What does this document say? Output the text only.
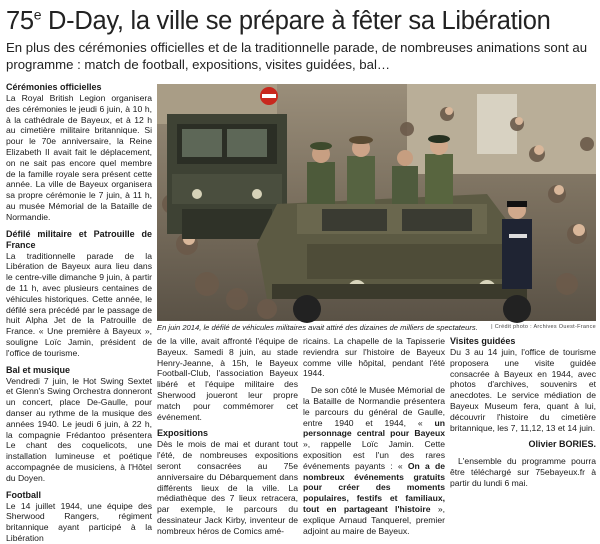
75e D-Day, la ville se prépare à fêter sa Libération
En plus des cérémonies officielles et de la traditionnelle parade, de nombreuses animations sont au programme : match de football, expositions, visites guidées, bal…
Cérémonies officielles

La Royal British Legion organisera des cérémonies le jeudi 6 juin, à 10 h, à la cathédrale de Bayeux, et à 12 h au cimetière militaire britannique. Si pour le 70e anniversaire, la Reine Elizabeth II avait fait le déplacement, on ne sait pas encore quel membre de la famille royale sera présent cette année. La ville de Bayeux organisera sa propre cérémonie le 7 juin, à 11 h, au musée Mémorial de la Bataille de Normandie.

Défilé militaire et Patrouille de France

La traditionnelle parade de la Libération de Bayeux aura lieu dans le centre-ville dimanche 9 juin, à partir de 11 h, avec plusieurs centaines de véhicules historiques. Cette année, le défilé sera précédé par le passage de huit Alpha Jet de la Patrouille de France. « Une première à Bayeux », souligne Loïc Jamin, président de l'office de tourisme.

Bal et musique

Vendredi 7 juin, le Hot Swing Sextet et Glenn's Swing Orchestra donneront un concert, place De-Gaulle, pour danser au rythme de la musique des années 1940. Le jeudi 6 juin, à 22 h, la compagnie Frédantoo présentera Le chant des coquelicots, une installation lumineuse et poétique accompagnée de musiciens, à l'Hôtel du Doyen.

Football

Le 14 juillet 1944, une équipe des Sherwood Rangers, régiment britannique ayant participé à la Libération

En juin 2014, le défilé de véhicules militaires avait attiré des dizaines de milliers de spectateurs. | Crédit photo : Archives Ouest-France

de la ville, avait affronté l'équipe de Bayeux. Samedi 8 juin, au stade Henry-Jeanne, à 15h, le Bayeux Football-Club, l'association Bayeux libéré et l'équipe militaire des Sherwood joueront leur propre match pour commémorer cet événement.

Expositions

Dès le mois de mai et durant tout l'été, de nombreuses expositions seront consacrées au 75e anniversaire du Débarquement dans différents lieux de la ville. La médiathèque des 7 lieux retracera, par exemple, le parcours du dessinateur Jack Kirby, inventeur de nombreux héros de Comics amé-

ricains. La chapelle de la Tapisserie reviendra sur l'histoire de Bayeux comme ville hôpital, pendant l'été 1944.

De son côté le Musée Mémorial de la Bataille de Normandie présentera le parcours du général de Gaulle, entre 1940 et 1944, « un personnage central pour Bayeux », rappelle Loïc Jamin. Cette exposition est l'un des rares événements payants : « On a de nombreux événements gratuits pour créer des moments populaires, festifs et familiaux, tout en partageant l'histoire », explique Arnaud Tanquerel, premier adjoint au maire de Bayeux.

Visites guidées

Du 3 au 14 juin, l'office de tourisme proposera une visite guidée consacrée à Bayeux en 1944, avec photos d'archives, souvenirs et anecdotes. Le service médiation de Bayeux Museum fera, quant à lui, découvrir l'histoire du cimetière britannique, les 7, 11,12, 13 et 14 juin.

Olivier BORIES.

L'ensemble du programme pourra être téléchargé sur 75ebayeux.fr à partir du lundi 6 mai.
